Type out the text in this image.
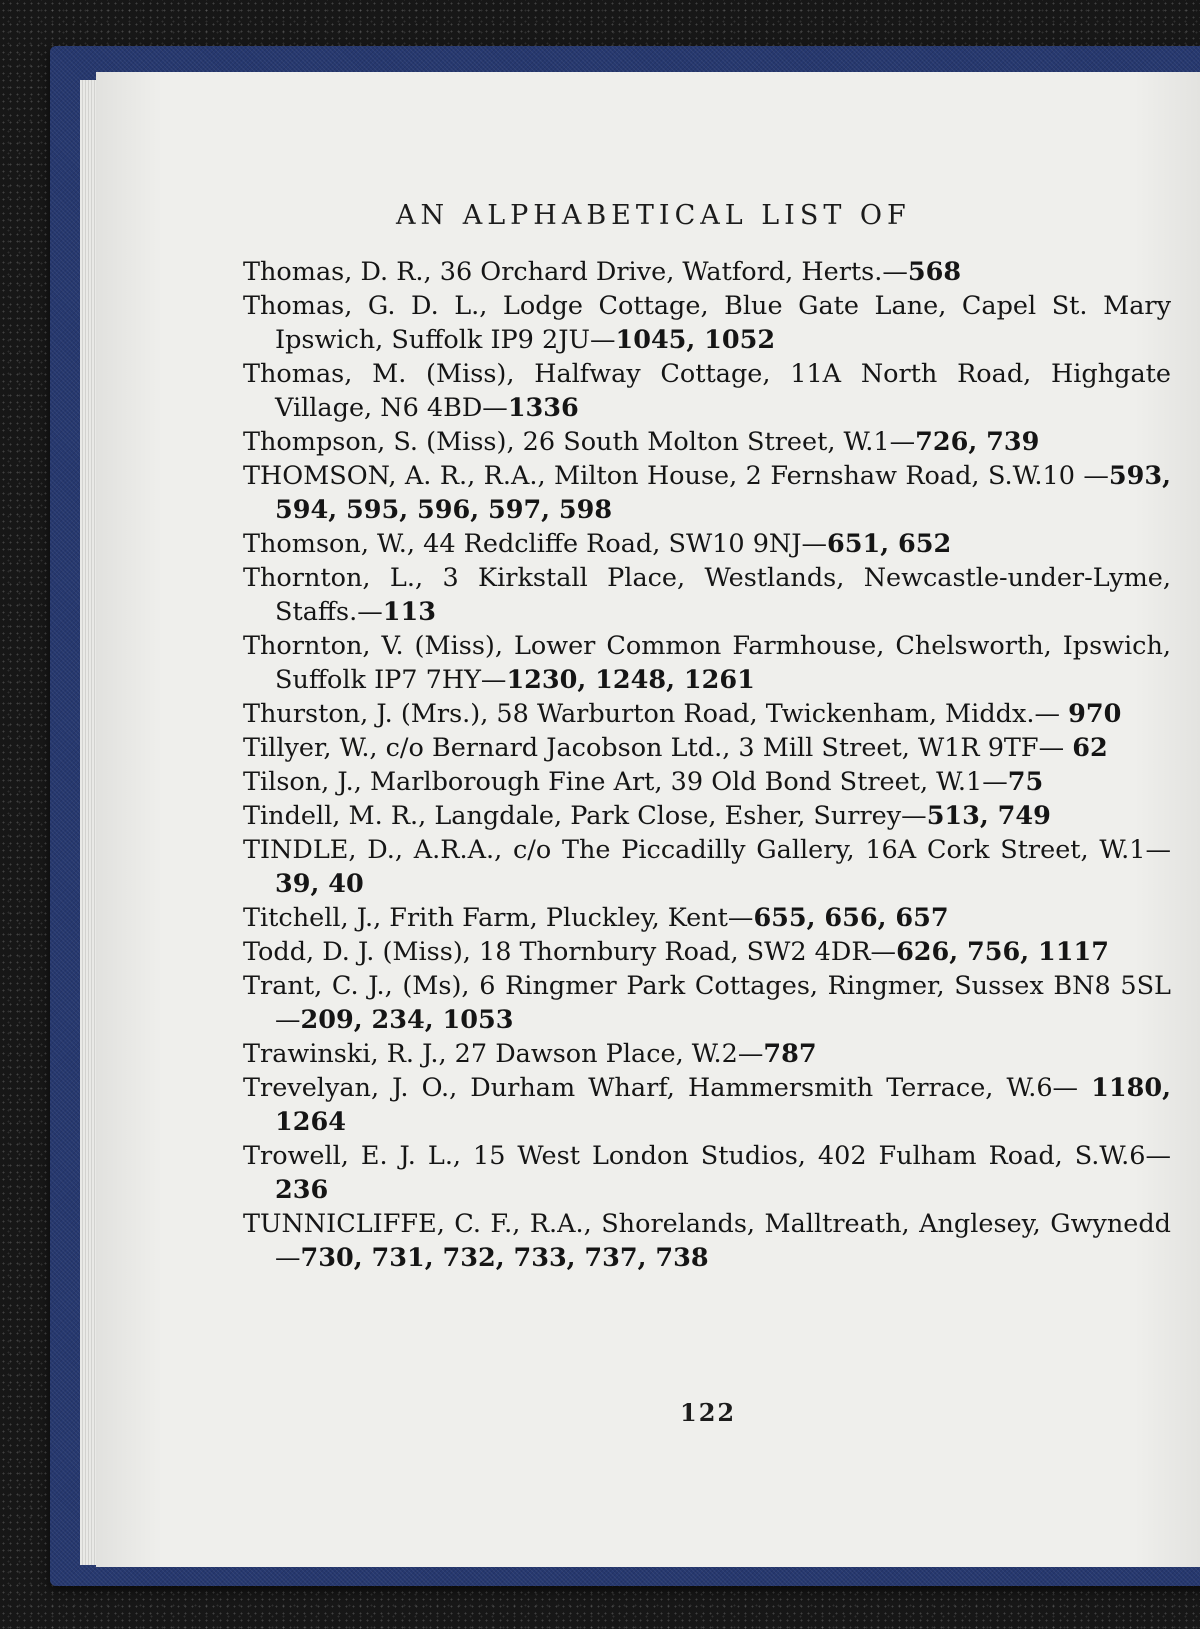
AN ALPHABETICAL LIST OF
Thomas, D. R., 36 Orchard Drive, Watford, Herts.—568
Thomas, G. D. L., Lodge Cottage, Blue Gate Lane, Capel St. Mary Ipswich, Suffolk IP9 2JU—1045, 1052
Thomas, M. (Miss), Halfway Cottage, 11A North Road, Highgate Village, N6 4BD—1336
Thompson, S. (Miss), 26 South Molton Street, W.1—726, 739
THOMSON, A. R., R.A., Milton House, 2 Fernshaw Road, S.W.10 —593, 594, 595, 596, 597, 598
Thomson, W., 44 Redcliffe Road, SW10 9NJ—651, 652
Thornton, L., 3 Kirkstall Place, Westlands, Newcastle-under-Lyme, Staffs.—113
Thornton, V. (Miss), Lower Common Farmhouse, Chelsworth, Ipswich, Suffolk IP7 7HY—1230, 1248, 1261
Thurston, J. (Mrs.), 58 Warburton Road, Twickenham, Middx.— 970
Tillyer, W., c/o Bernard Jacobson Ltd., 3 Mill Street, W1R 9TF— 62
Tilson, J., Marlborough Fine Art, 39 Old Bond Street, W.1—75
Tindell, M. R., Langdale, Park Close, Esher, Surrey—513, 749
TINDLE, D., A.R.A., c/o The Piccadilly Gallery, 16A Cork Street, W.1—39, 40
Titchell, J., Frith Farm, Pluckley, Kent—655, 656, 657
Todd, D. J. (Miss), 18 Thornbury Road, SW2 4DR—626, 756, 1117
Trant, C. J., (Ms), 6 Ringmer Park Cottages, Ringmer, Sussex BN8 5SL—209, 234, 1053
Trawinski, R. J., 27 Dawson Place, W.2—787
Trevelyan, J. O., Durham Wharf, Hammersmith Terrace, W.6— 1180, 1264
Trowell, E. J. L., 15 West London Studios, 402 Fulham Road, S.W.6—236
TUNNICLIFFE, C. F., R.A., Shorelands, Malltreath, Anglesey, Gwynedd—730, 731, 732, 733, 737, 738
122
